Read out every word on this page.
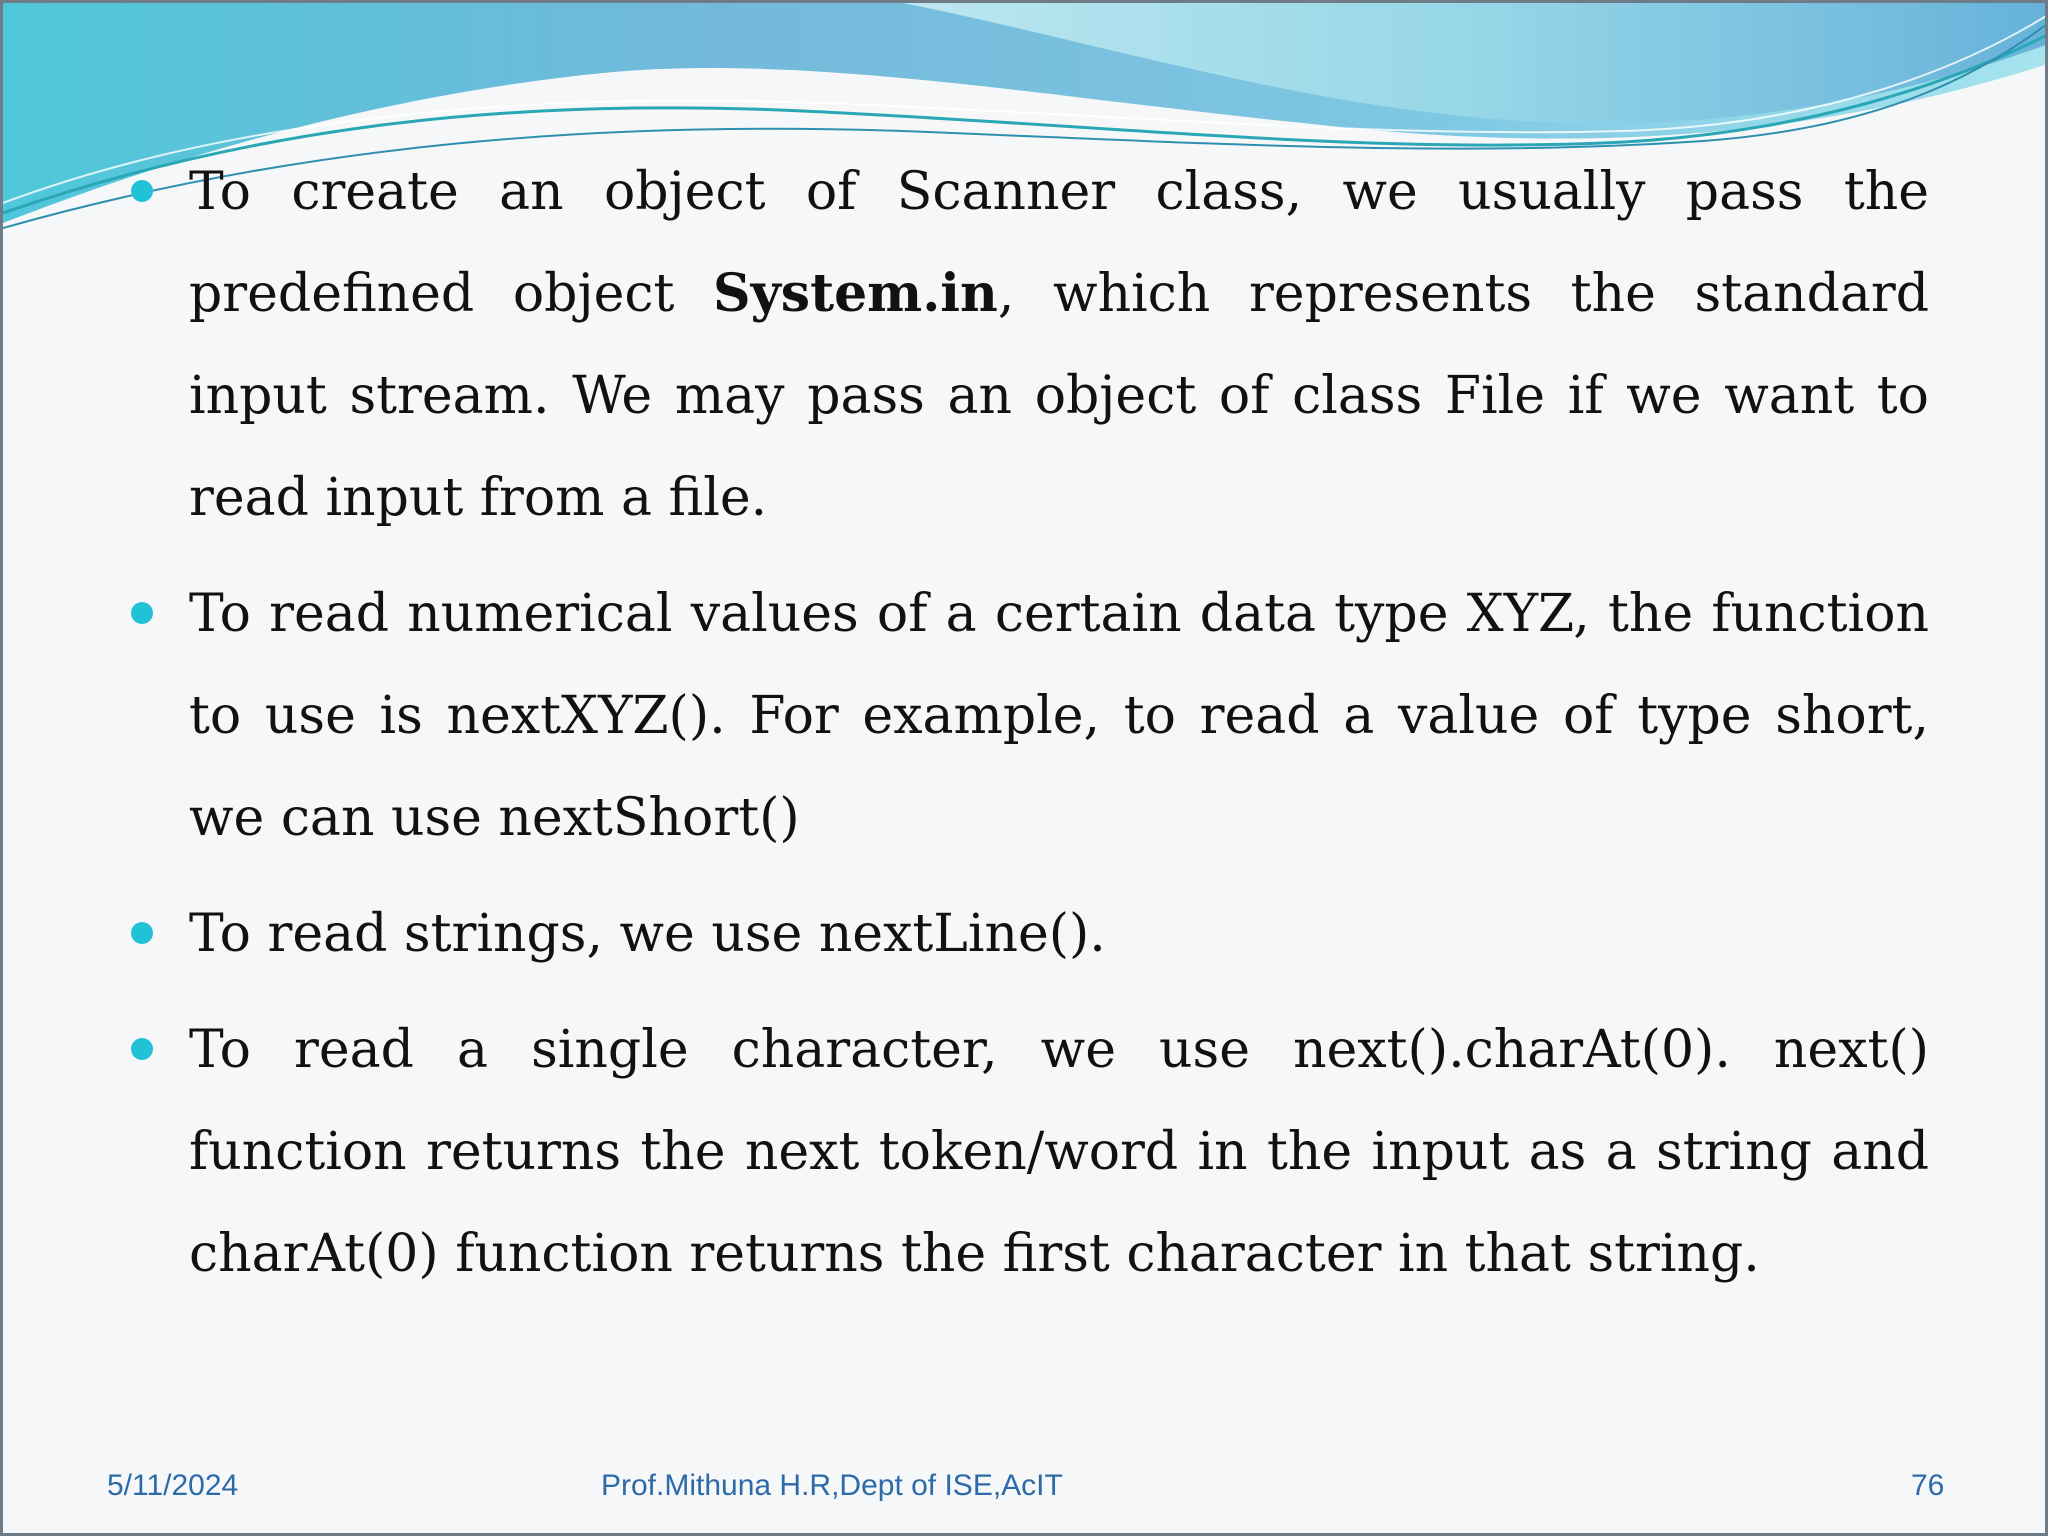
To create an object of Scanner class, we usually pass the predefined object System.in, which represents the standard input stream. We may pass an object of class File if we want to read input from a file.
To read numerical values of a certain data type XYZ, the function to use is nextXYZ(). For example, to read a value of type short, we can use nextShort()
To read strings, we use nextLine().
To read a single character, we use next().charAt(0). next() function returns the next token/word in the input as a string and charAt(0) function returns the first character in that string.
5/11/2024	Prof.Mithuna H.R,Dept of ISE,AcIT	76
